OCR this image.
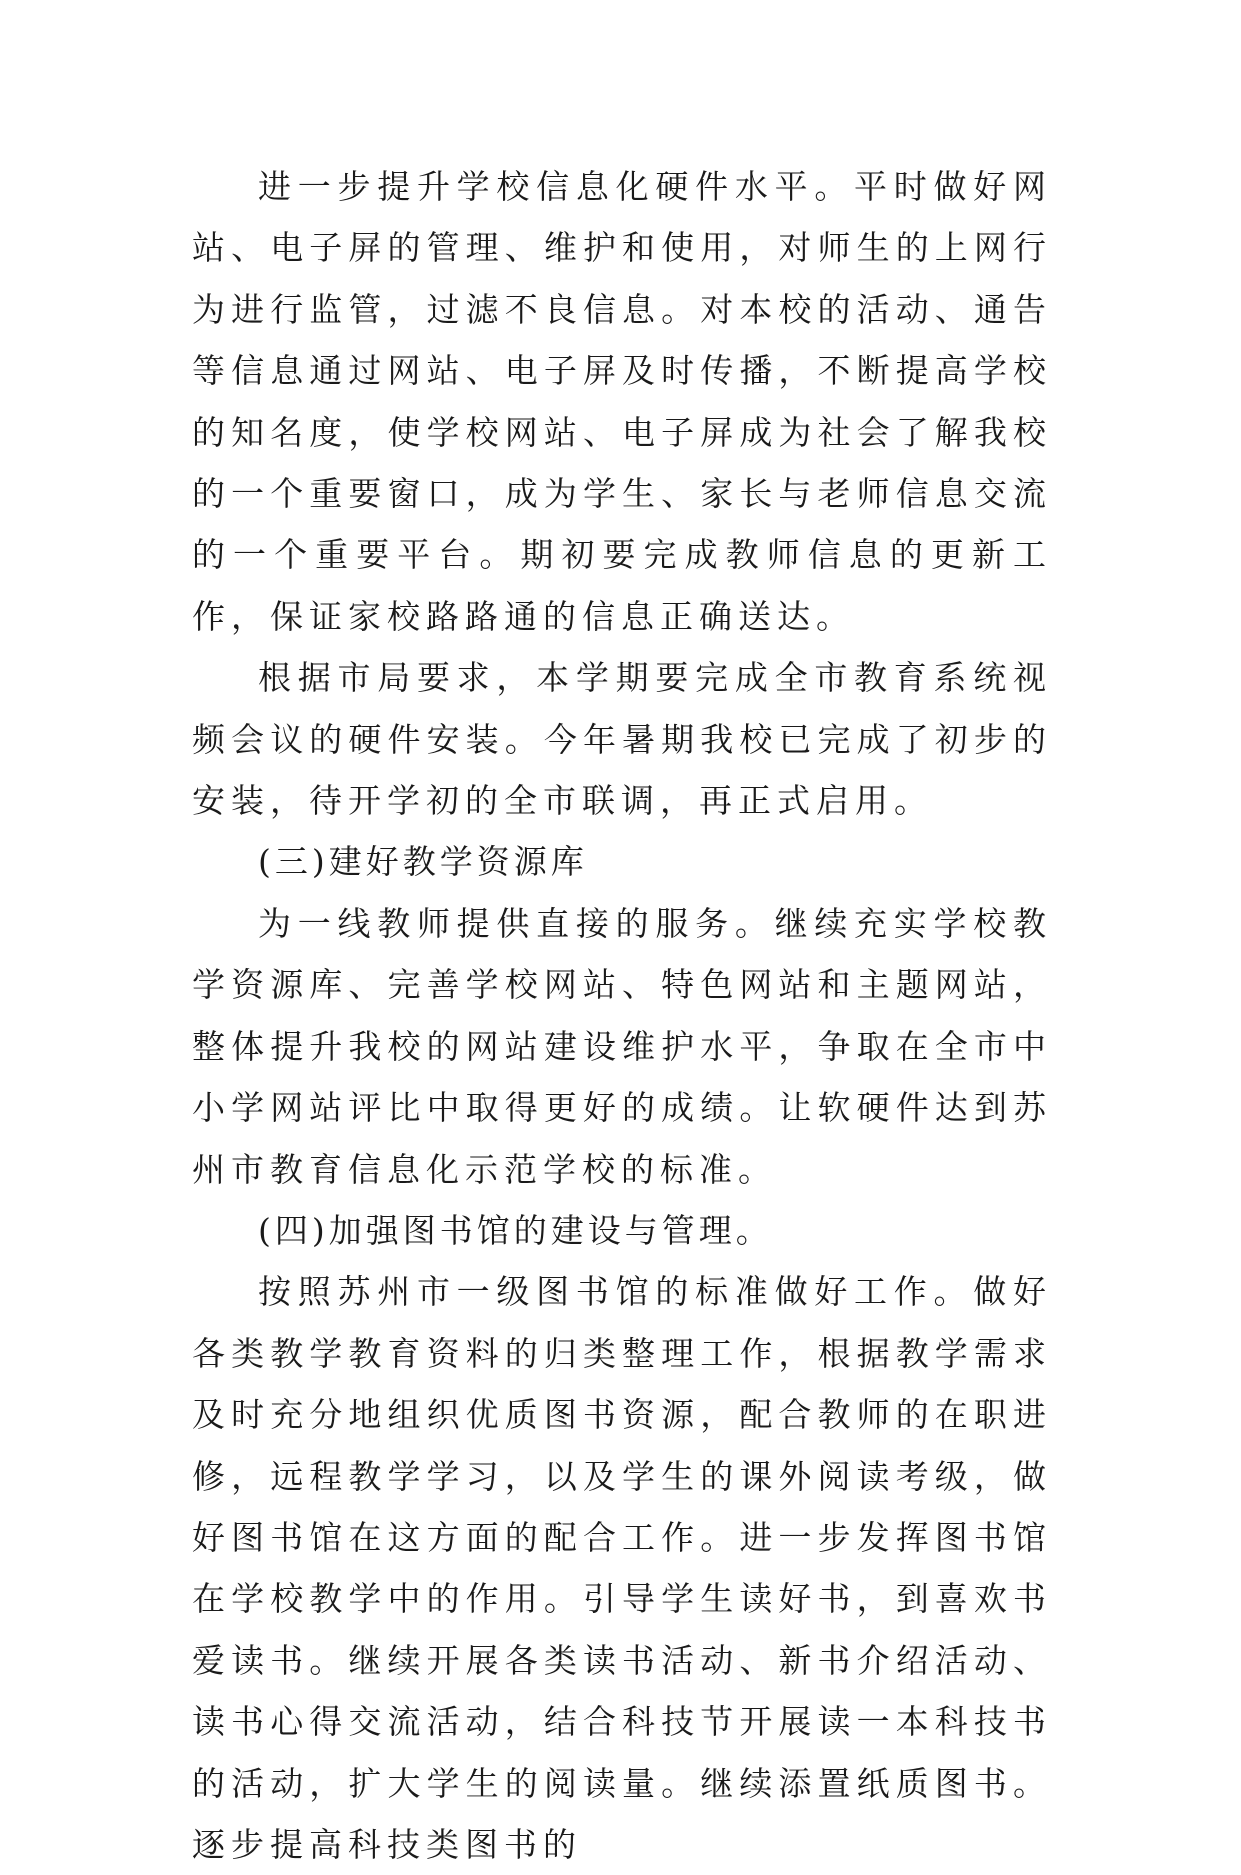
进一步提升学校信息化硬件水平。平时做好网站、电子屏的管理、维护和使用，对师生的上网行为进行监管，过滤不良信息。对本校的活动、通告等信息通过网站、电子屏及时传播，不断提高学校的知名度，使学校网站、电子屏成为社会了解我校的一个重要窗口，成为学生、家长与老师信息交流的一个重要平台。期初要完成教师信息的更新工作，保证家校路路通的信息正确送达。

根据市局要求，本学期要完成全市教育系统视频会议的硬件安装。今年暑期我校已完成了初步的安装，待开学初的全市联调，再正式启用。

(三)建好教学资源库

为一线教师提供直接的服务。继续充实学校教学资源库、完善学校网站、特色网站和主题网站，整体提升我校的网站建设维护水平，争取在全市中小学网站评比中取得更好的成绩。让软硬件达到苏州市教育信息化示范学校的标准。

(四)加强图书馆的建设与管理。

按照苏州市一级图书馆的标准做好工作。做好各类教学教育资料的归类整理工作，根据教学需求及时充分地组织优质图书资源，配合教师的在职进修，远程教学学习，以及学生的课外阅读考级，做好图书馆在这方面的配合工作。进一步发挥图书馆在学校教学中的作用。引导学生读好书，到喜欢书爱读书。继续开展各类读书活动、新书介绍活动、读书心得交流活动，结合科技节开展读一本科技书的活动，扩大学生的阅读量。继续添置纸质图书。逐步提高科技类图书的
